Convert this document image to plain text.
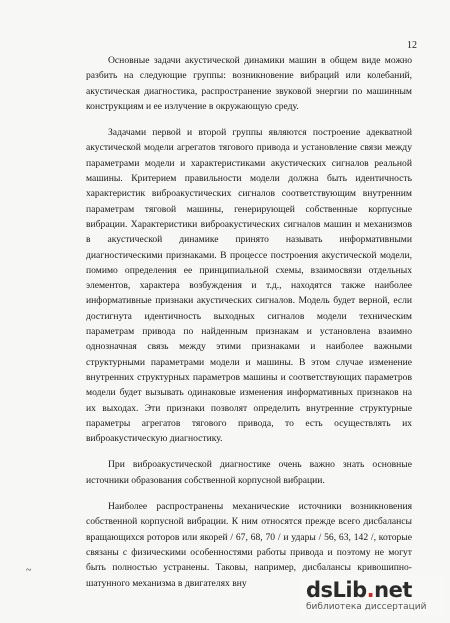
12

Основные задачи акустической динамики машин в общем виде можно
разбить на следующие группы: возникновение вибраций или колебаний,
акустическая диагностика, распространение звуковой энергии по машинным
конструкциям и ее излучение в окружающую среду.

Задачами первой и второй группы являются построение адекватной
акустической модели агрегатов тягового привода и установление связи между
параметрами модели и характеристиками акустических сигналов реальной
машины. Критерием правильности модели должна быть идентичность
характеристик виброакустических сигналов соответствующим внутренним
параметрам тяговой машины, генерирующей собственные корпусные
вибрации. Характеристики виброакустических сигналов машин и механизмов
в акустической динамике принято называть информативными
диагностическими признаками. В процессе построения акустической модели,
помимо определения ее принципиальной схемы, взаимосвязи отдельных
элементов, характера возбуждения и т.д., находятся также наиболее
информативные признаки акустических сигналов. Модель будет верной, если
достигнута идентичность выходных сигналов модели техническим
параметрам привода по найденным признакам и установлена взаимно
однозначная связь между этими признаками и наиболее важными
структурными параметрами модели и машины. В этом случае изменение
внутренних структурных параметров машины и соответствующих параметров
модели будет вызывать одинаковые изменения информативных признаков на
их выходах. Эти признаки позволят определить внутренние структурные
параметры агрегатов тягового привода, то есть осуществлять их
виброакустическую диагностику.

При виброакустической диагностике очень важно знать основные
источники образования собственной корпусной вибрации.

Наиболее распространены механические источники возникновения
собственной корпусной вибрации. К ним относятся прежде всего дисбалансы
вращающихся роторов или якорей / 67, 68, 70 / и удары / 56, 63, 142 /, которые
связаны с физическими особенностями работы привода и поэтому не могут
быть полностью устранены. Таковы, например, дисбалансы кривошипно-
шатунного механизма в двигателях вну

~
dsLib.net
библиотека диссертаций
